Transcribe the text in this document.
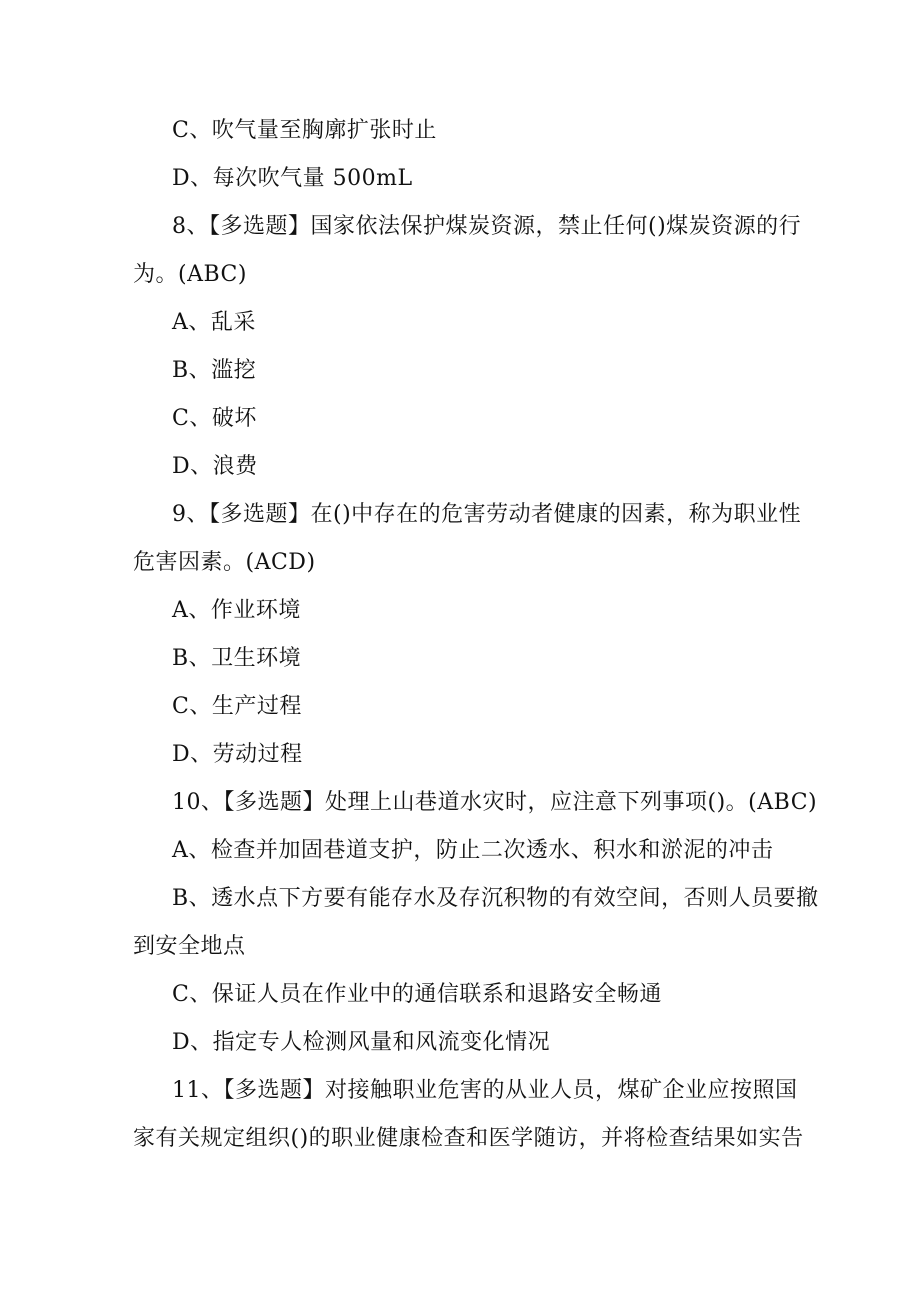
C、吹气量至胸廓扩张时止
D、每次吹气量 500mL
8、【多选题】国家依法保护煤炭资源，禁止任何()煤炭资源的行
为。(ABC)
A、乱采
B、滥挖
C、破坏
D、浪费
9、【多选题】在()中存在的危害劳动者健康的因素，称为职业性
危害因素。(ACD)
A、作业环境
B、卫生环境
C、生产过程
D、劳动过程
10、【多选题】处理上山巷道水灾时，应注意下列事项()。(ABC)
A、检查并加固巷道支护，防止二次透水、积水和淤泥的冲击
B、透水点下方要有能存水及存沉积物的有效空间，否则人员要撤
到安全地点
C、保证人员在作业中的通信联系和退路安全畅通
D、指定专人检测风量和风流变化情况
11、【多选题】对接触职业危害的从业人员，煤矿企业应按照国
家有关规定组织()的职业健康检查和医学随访，并将检查结果如实告
